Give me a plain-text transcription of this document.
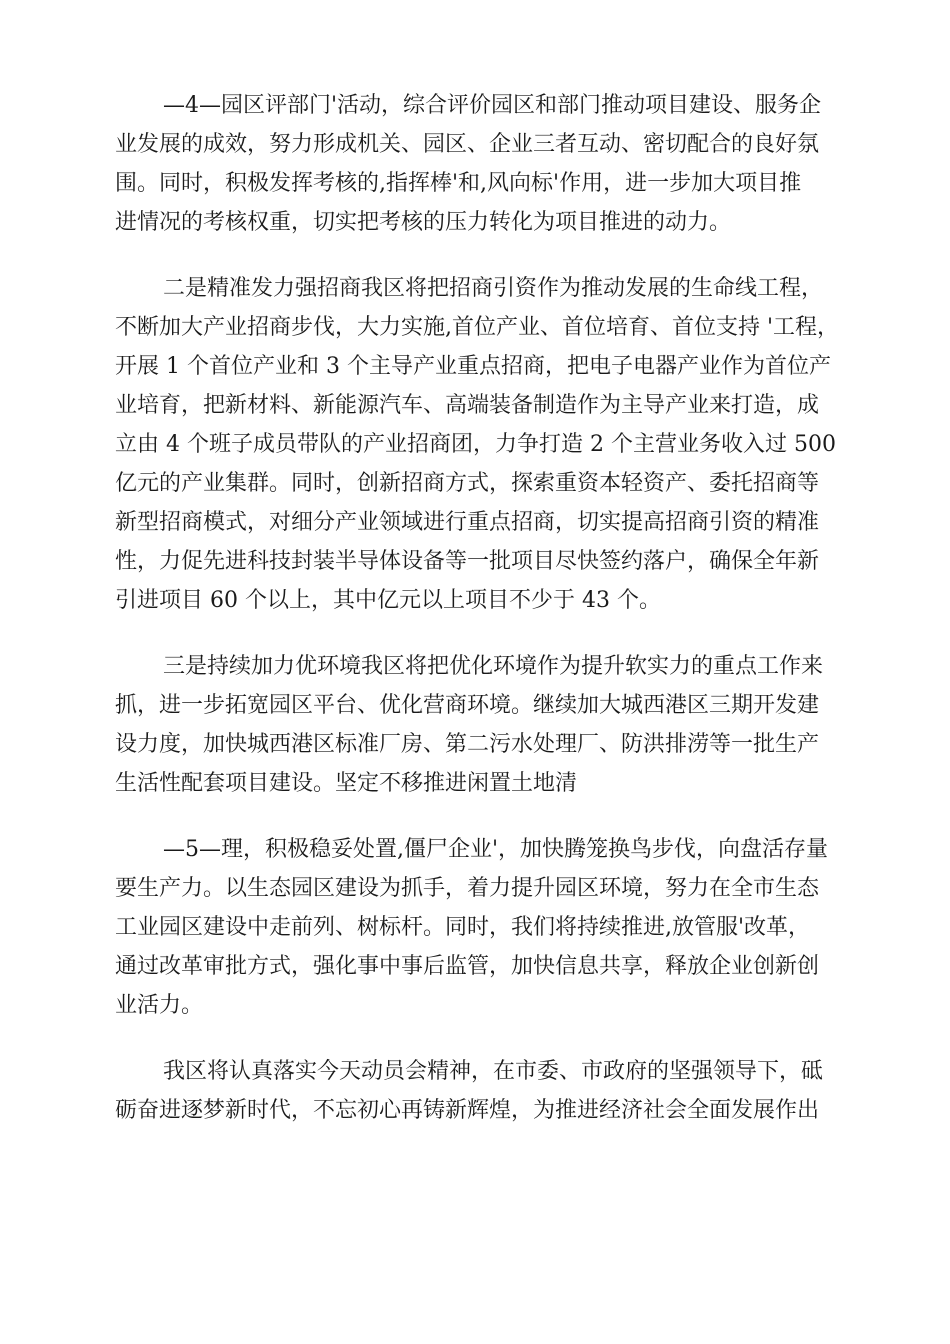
—4—园区评部门'活动，综合评价园区和部门推动项目建设、服务企
业发展的成效，努力形成机关、园区、企业三者互动、密切配合的良好氛
围。同时，积极发挥考核的,指挥棒'和,风向标'作用，进一步加大项目推
进情况的考核权重，切实把考核的压力转化为项目推进的动力。
二是精准发力强招商我区将把招商引资作为推动发展的生命线工程，
不断加大产业招商步伐，大力实施,首位产业、首位培育、首位支持 '工程，
开展 1 个首位产业和 3 个主导产业重点招商，把电子电器产业作为首位产
业培育，把新材料、新能源汽车、高端装备制造作为主导产业来打造，成
立由 4 个班子成员带队的产业招商团，力争打造 2 个主营业务收入过 500
亿元的产业集群。同时，创新招商方式，探索重资本轻资产、委托招商等
新型招商模式，对细分产业领域进行重点招商，切实提高招商引资的精准
性，力促先进科技封装半导体设备等一批项目尽快签约落户，确保全年新
引进项目 60 个以上，其中亿元以上项目不少于 43 个。
三是持续加力优环境我区将把优化环境作为提升软实力的重点工作来
抓，进一步拓宽园区平台、优化营商环境。继续加大城西港区三期开发建
设力度，加快城西港区标准厂房、第二污水处理厂、防洪排涝等一批生产
生活性配套项目建设。坚定不移推进闲置土地清
—5—理，积极稳妥处置,僵尸企业'，加快腾笼换鸟步伐，向盘活存量
要生产力。以生态园区建设为抓手，着力提升园区环境，努力在全市生态
工业园区建设中走前列、树标杆。同时，我们将持续推进,放管服'改革，
通过改革审批方式，强化事中事后监管，加快信息共享，释放企业创新创
业活力。
我区将认真落实今天动员会精神，在市委、市政府的坚强领导下，砥
砺奋进逐梦新时代，不忘初心再铸新辉煌，为推进经济社会全面发展作出
